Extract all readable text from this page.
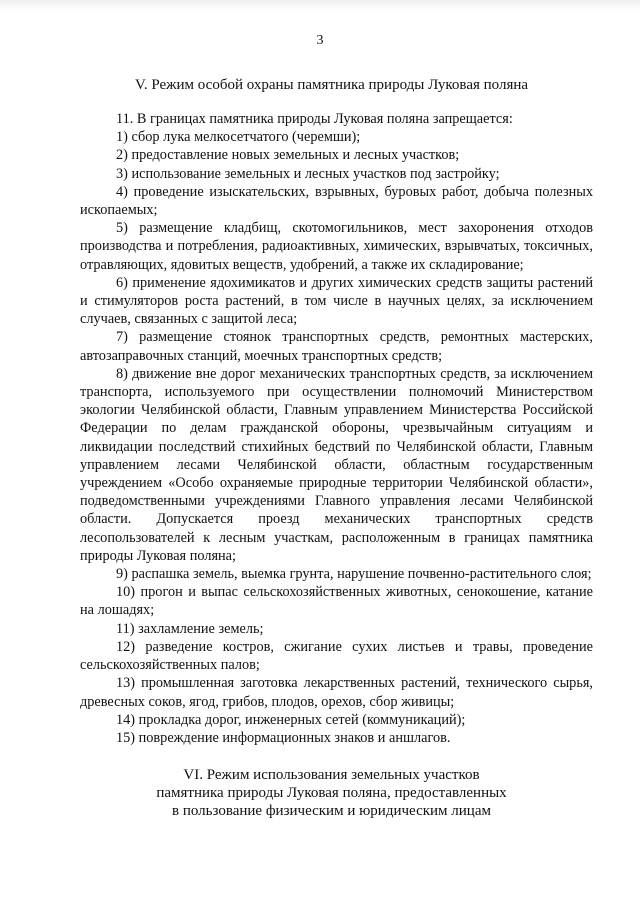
3
V. Режим особой охраны памятника природы Луковая поляна

11. В границах памятника природы Луковая поляна запрещается:

1) сбор лука мелкосетчатого (черемши);

2) предоставление новых земельных и лесных участков;

3) использование земельных и лесных участков под застройку;

4) проведение изыскательских, взрывных, буровых работ, добыча полезных ископаемых;

5) размещение кладбищ, скотомогильников, мест захоронения отходов производства и потребления, радиоактивных, химических, взрывчатых, токсичных, отравляющих, ядовитых веществ, удобрений, а также их складирование;

6) применение ядохимикатов и других химических средств защиты растений и стимуляторов роста растений, в том числе в научных целях, за исключением случаев, связанных с защитой леса;

7) размещение стоянок транспортных средств, ремонтных мастерских, автозаправочных станций, моечных транспортных средств;

8) движение вне дорог механических транспортных средств, за исключением транспорта, используемого при осуществлении полномочий Министерством экологии Челябинской области, Главным управлением Министерства Российской Федерации по делам гражданской обороны, чрезвычайным ситуациям и ликвидации последствий стихийных бедствий по Челябинской области, Главным управлением лесами Челябинской области, областным государственным учреждением «Особо охраняемые природные территории Челябинской области», подведомственными учреждениями Главного управления лесами Челябинской области. Допускается проезд механических транспортных средств лесопользователей к лесным участкам, расположенным в границах памятника природы Луковая поляна;

9) распашка земель, выемка грунта, нарушение почвенно-растительного слоя;

10) прогон и выпас сельскохозяйственных животных, сенокошение, катание на лошадях;

11) захламление земель;

12) разведение костров, сжигание сухих листьев и травы, проведение сельскохозяйственных палов;

13) промышленная заготовка лекарственных растений, технического сырья, древесных соков, ягод, грибов, плодов, орехов, сбор живицы;

14) прокладка дорог, инженерных сетей (коммуникаций);

15) повреждение информационных знаков и аншлагов.

VI. Режим использования земельных участков
памятника природы Луковая поляна, предоставленных
в пользование физическим и юридическим лицам
